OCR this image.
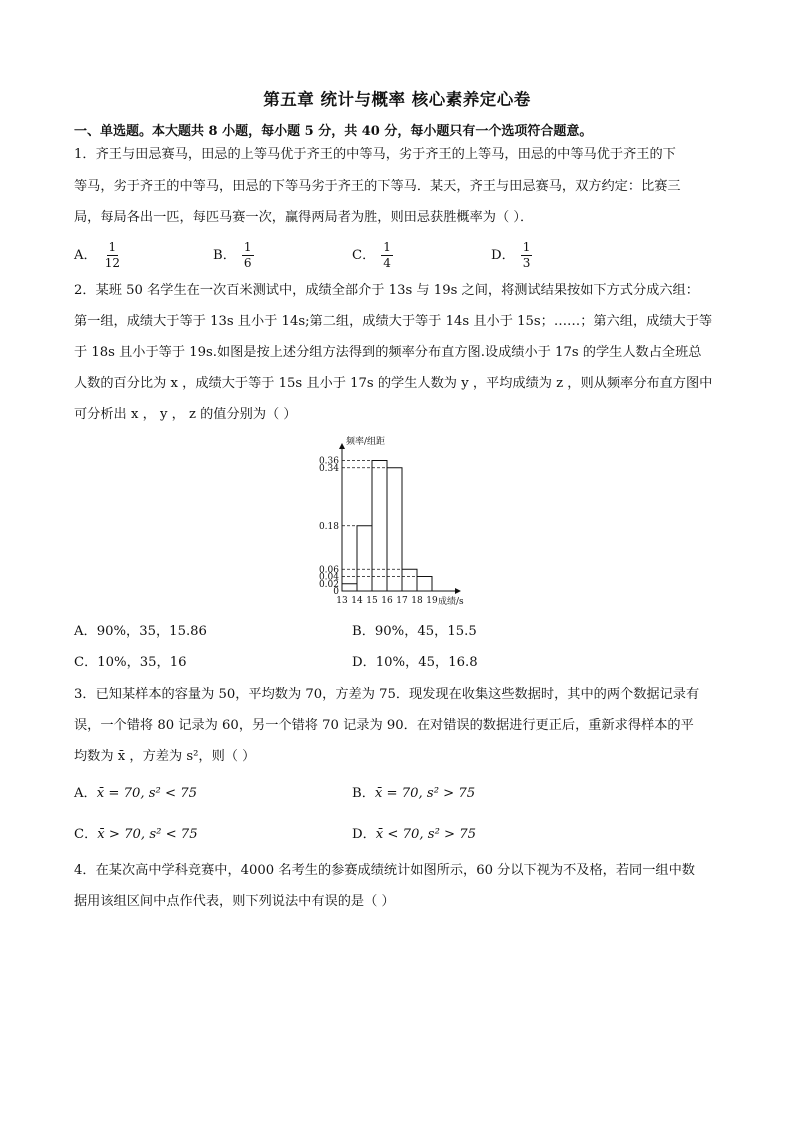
第五章 统计与概率 核心素养定心卷
一、单选题。本大题共 8 小题，每小题 5 分，共 40 分，每小题只有一个选项符合题意。
1．齐王与田忌赛马，田忌的上等马优于齐王的中等马，劣于齐王的上等马，田忌的中等马优于齐王的下
等马，劣于齐王的中等马，田忌的下等马劣于齐王的下等马．某天，齐王与田忌赛马，双方约定：比赛三
局，每局各出一匹，每匹马赛一次，赢得两局者为胜，则田忌获胜概率为（ ）．
A． $\frac{1}{12}$	B． $\frac{1}{6}$	C． $\frac{1}{4}$	D． $\frac{1}{3}$
2．某班 50 名学生在一次百米测试中，成绩全部介于 13s 与 19s 之间，将测试结果按如下方式分成六组：
第一组，成绩大于等于 13s 且小于 14s;第二组，成绩大于等于 14s 且小于 15s；……；第六组，成绩大于等
于 18s 且小于等于 19s.如图是按上述分组方法得到的频率分布直方图.设成绩小于 17s 的学生人数占全班总
人数的百分比为 x ，成绩大于等于 15s 且小于 17s 的学生人数为 y ，平均成绩为 z ，则从频率分布直方图中
可分析出 x ， y ， z 的值分别为（ ）
频率/组距
成绩/s
0
0.02
0.04
0.06
0.18
0.34
0.36
13 14 15 16 17 18 19
A．90%，35，15.86	B．90%，45，15.5
C．10%，35，16	D．10%，45，16.8
3．已知某样本的容量为 50，平均数为 70，方差为 75．现发现在收集这些数据时，其中的两个数据记录有
误，一个错将 80 记录为 60，另一个错将 70 记录为 90．在对错误的数据进行更正后，重新求得样本的平
均数为 x̄ ，方差为 s²，则（ ）
A．x̄ = 70, s² < 75	B．x̄ = 70, s² > 75
C．x̄ > 70, s² < 75	D．x̄ < 70, s² > 75
4．在某次高中学科竞赛中，4000 名考生的参赛成绩统计如图所示，60 分以下视为不及格，若同一组中数
据用该组区间中点作代表，则下列说法中有误的是（ ）
